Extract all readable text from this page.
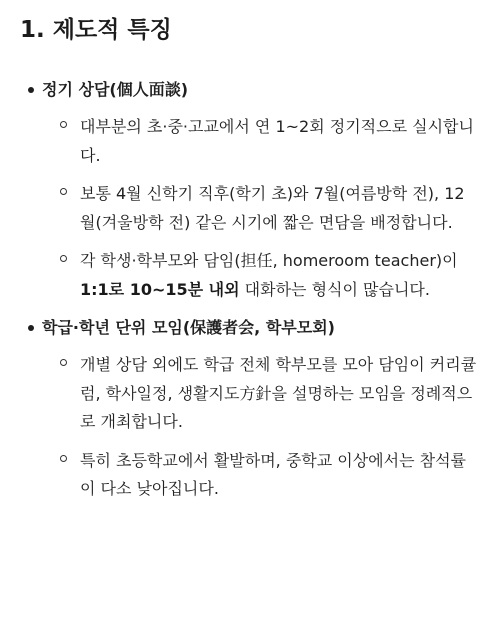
1. 제도적 특징
정기 상담(個人面談)
대부분의 초·중·고교에서 연 1~2회 정기적으로 실시합니다.
보통 4월 신학기 직후(학기 초)와 7월(여름방학 전), 12월(겨울방학 전) 같은 시기에 짧은 면담을 배정합니다.
각 학생·학부모와 담임(担任, homeroom teacher)이 1:1로 10~15분 내외 대화하는 형식이 많습니다.
학급·학년 단위 모임(保護者会, 학부모회)
개별 상담 외에도 학급 전체 학부모를 모아 담임이 커리큘럼, 학사일정, 생활지도方針을 설명하는 모임을 정례적으로 개최합니다.
특히 초등학교에서 활발하며, 중학교 이상에서는 참석률이 다소 낮아집니다.
